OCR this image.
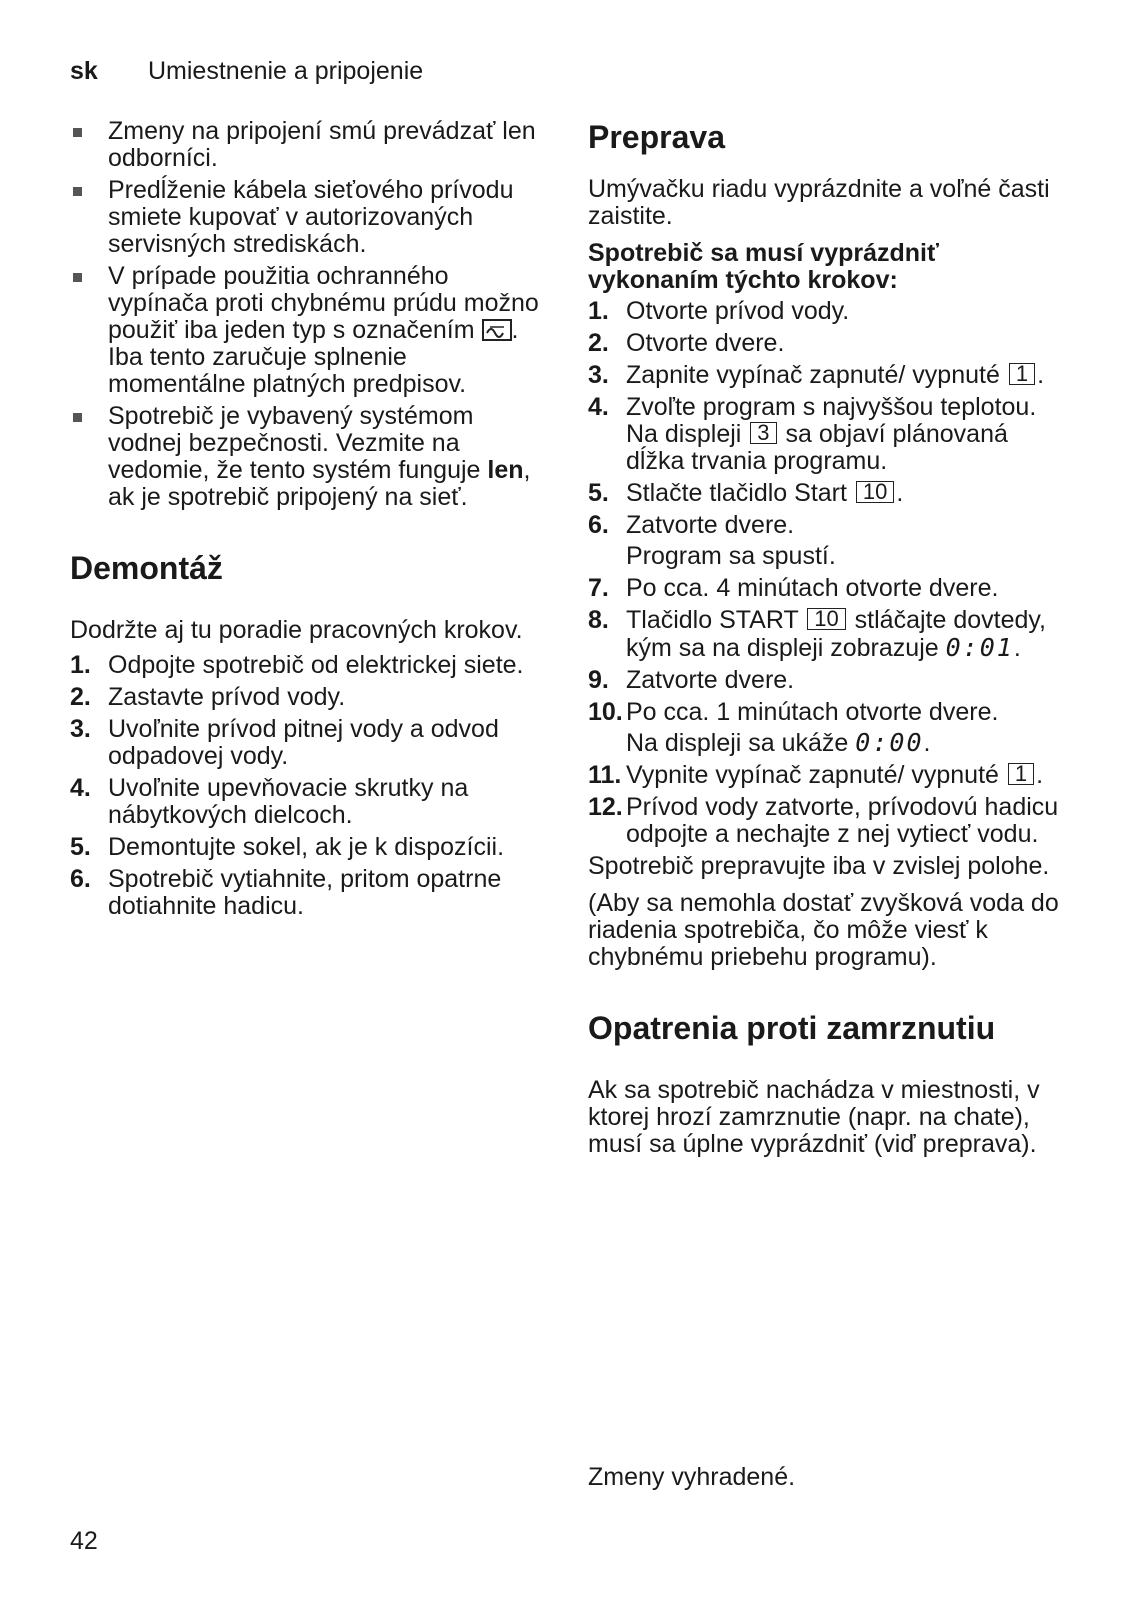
sk Umiestnenie a pripojenie
Zmeny na pripojení smú prevádzať len odborníci.
Predĺženie kábela sieťového prívodu smiete kupovať v autorizovaných servisných strediskách.
V prípade použitia ochranného vypínača proti chybnému prúdu možno použiť iba jeden typ s označením . Iba tento zaručuje splnenie momentálne platných predpisov.
Spotrebič je vybavený systémom vodnej bezpečnosti. Vezmite na vedomie, že tento systém funguje len, ak je spotrebič pripojený na sieť.
Demontáž

Dodržte aj tu poradie pracovných krokov.

1. Odpojte spotrebič od elektrickej siete.
2. Zastavte prívod vody.
3. Uvoľnite prívod pitnej vody a odvod odpadovej vody.
4. Uvoľnite upevňovacie skrutky na nábytkových dielcoch.
5. Demontujte sokel, ak je k dispozícii.
6. Spotrebič vytiahnite, pritom opatrne dotiahnite hadicu.
Preprava

Umývačku riadu vyprázdnite a voľné časti zaistite.

Spotrebič sa musí vyprázdniť vykonaním týchto krokov:

1. Otvorte prívod vody.
2. Otvorte dvere.
3. Zapnite vypínač zapnuté/ vypnuté 1 .
4. Zvoľte program s najvyššou teplotou.
Na displeji 3 sa objaví plánovaná dĺžka trvania programu.
5. Stlačte tlačidlo Start 10 .
6. Zatvorte dvere.
Program sa spustí.
7. Po cca. 4 minútach otvorte dvere.
8. Tlačidlo START 10 stláčajte dovtedy, kým sa na displeji zobrazuje 0:01.
9. Zatvorte dvere.
10. Po cca. 1 minútach otvorte dvere.
Na displeji sa ukáže 0:00.
11. Vypnite vypínač zapnuté/ vypnuté 1 .
12. Prívod vody zatvorte, prívodovú hadicu odpojte a nechajte z nej vytiecť vodu.

Spotrebič prepravujte iba v zvislej polohe.

(Aby sa nemohla dostať zvyšková voda do riadenia spotrebiča, čo môže viesť k chybnému priebehu programu).

Opatrenia proti zamrznutiu

Ak sa spotrebič nachádza v miestnosti, v ktorej hrozí zamrznutie (napr. na chate), musí sa úplne vyprázdniť (viď preprava).

Zmeny vyhradené.
42
